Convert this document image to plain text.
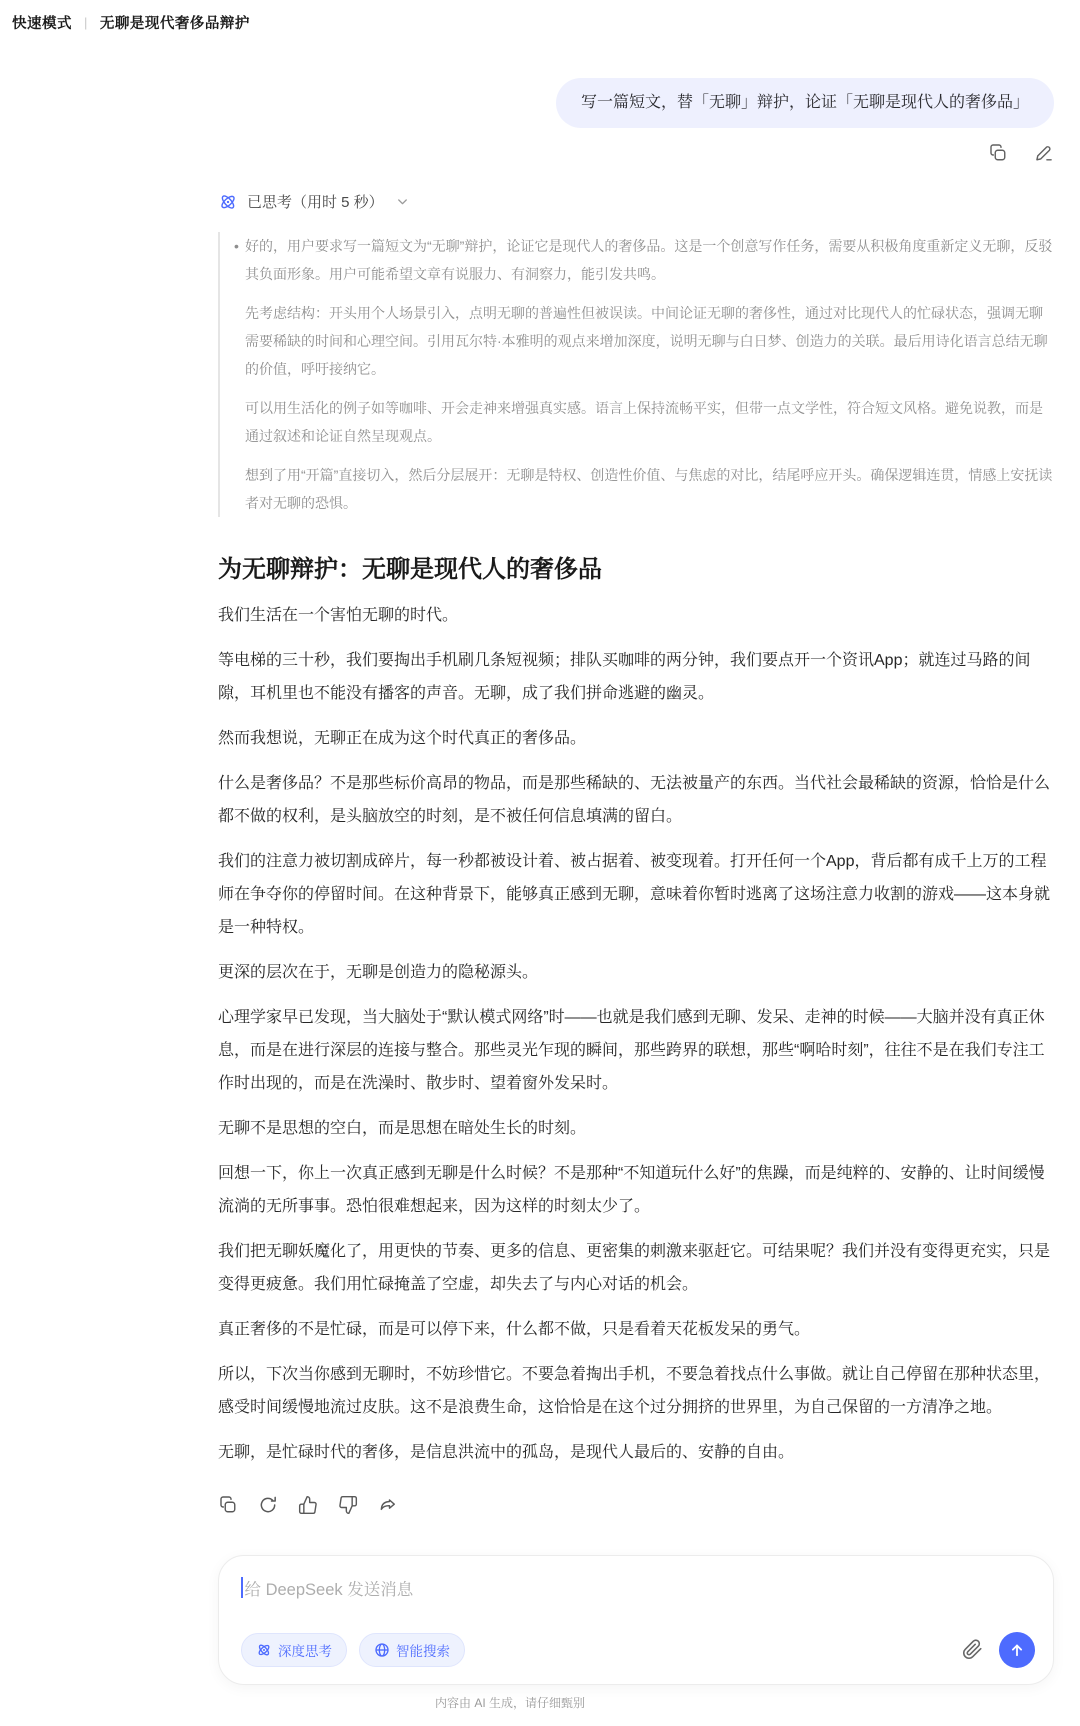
快速模式 | 无聊是现代奢侈品辩护
写一篇短文，替「无聊」辩护，论证「无聊是现代人的奢侈品」
已思考（用时 5 秒）

• 好的，用户要求写一篇短文为“无聊”辩护，论证它是现代人的奢侈品。这是一个创意写作任务，需要从积极角度重新定义无聊，反驳其负面形象。用户可能希望文章有说服力、有洞察力，能引发共鸣。

先考虑结构：开头用个人场景引入，点明无聊的普遍性但被误读。中间论证无聊的奢侈性，通过对比现代人的忙碌状态，强调无聊需要稀缺的时间和心理空间。引用瓦尔特·本雅明的观点来增加深度，说明无聊与白日梦、创造力的关联。最后用诗化语言总结无聊的价值，呼吁接纳它。

可以用生活化的例子如等咖啡、开会走神来增强真实感。语言上保持流畅平实，但带一点文学性，符合短文风格。避免说教，而是通过叙述和论证自然呈现观点。

想到了用“开篇”直接切入，然后分层展开：无聊是特权、创造性价值、与焦虑的对比，结尾呼应开头。确保逻辑连贯，情感上安抚读者对无聊的恐惧。

为无聊辩护：无聊是现代人的奢侈品

我们生活在一个害怕无聊的时代。

等电梯的三十秒，我们要掏出手机刷几条短视频；排队买咖啡的两分钟，我们要点开一个资讯App；就连过马路的间隙，耳机里也不能没有播客的声音。无聊，成了我们拼命逃避的幽灵。

然而我想说，无聊正在成为这个时代真正的奢侈品。

什么是奢侈品？不是那些标价高昂的物品，而是那些稀缺的、无法被量产的东西。当代社会最稀缺的资源，恰恰是什么都不做的权利，是头脑放空的时刻，是不被任何信息填满的留白。

我们的注意力被切割成碎片，每一秒都被设计着、被占据着、被变现着。打开任何一个App，背后都有成千上万的工程师在争夺你的停留时间。在这种背景下，能够真正感到无聊，意味着你暂时逃离了这场注意力收割的游戏——这本身就是一种特权。

更深的层次在于，无聊是创造力的隐秘源头。

心理学家早已发现，当大脑处于“默认模式网络”时——也就是我们感到无聊、发呆、走神的时候——大脑并没有真正休息，而是在进行深层的连接与整合。那些灵光乍现的瞬间，那些跨界的联想，那些“啊哈时刻”，往往不是在我们专注工作时出现的，而是在洗澡时、散步时、望着窗外发呆时。

无聊不是思想的空白，而是思想在暗处生长的时刻。

回想一下，你上一次真正感到无聊是什么时候？不是那种“不知道玩什么好”的焦躁，而是纯粹的、安静的、让时间缓慢流淌的无所事事。恐怕很难想起来，因为这样的时刻太少了。

我们把无聊妖魔化了，用更快的节奏、更多的信息、更密集的刺激来驱赶它。可结果呢？我们并没有变得更充实，只是变得更疲惫。我们用忙碌掩盖了空虚，却失去了与内心对话的机会。

真正奢侈的不是忙碌，而是可以停下来，什么都不做，只是看着天花板发呆的勇气。

所以，下次当你感到无聊时，不妨珍惜它。不要急着掏出手机，不要急着找点什么事做。就让自己停留在那种状态里，感受时间缓慢地流过皮肤。这不是浪费生命，这恰恰是在这个过分拥挤的世界里，为自己保留的一方清净之地。

无聊，是忙碌时代的奢侈，是信息洪流中的孤岛，是现代人最后的、安静的自由。

给 DeepSeek 发送消息
深度思考	智能搜索
内容由 AI 生成，请仔细甄别
